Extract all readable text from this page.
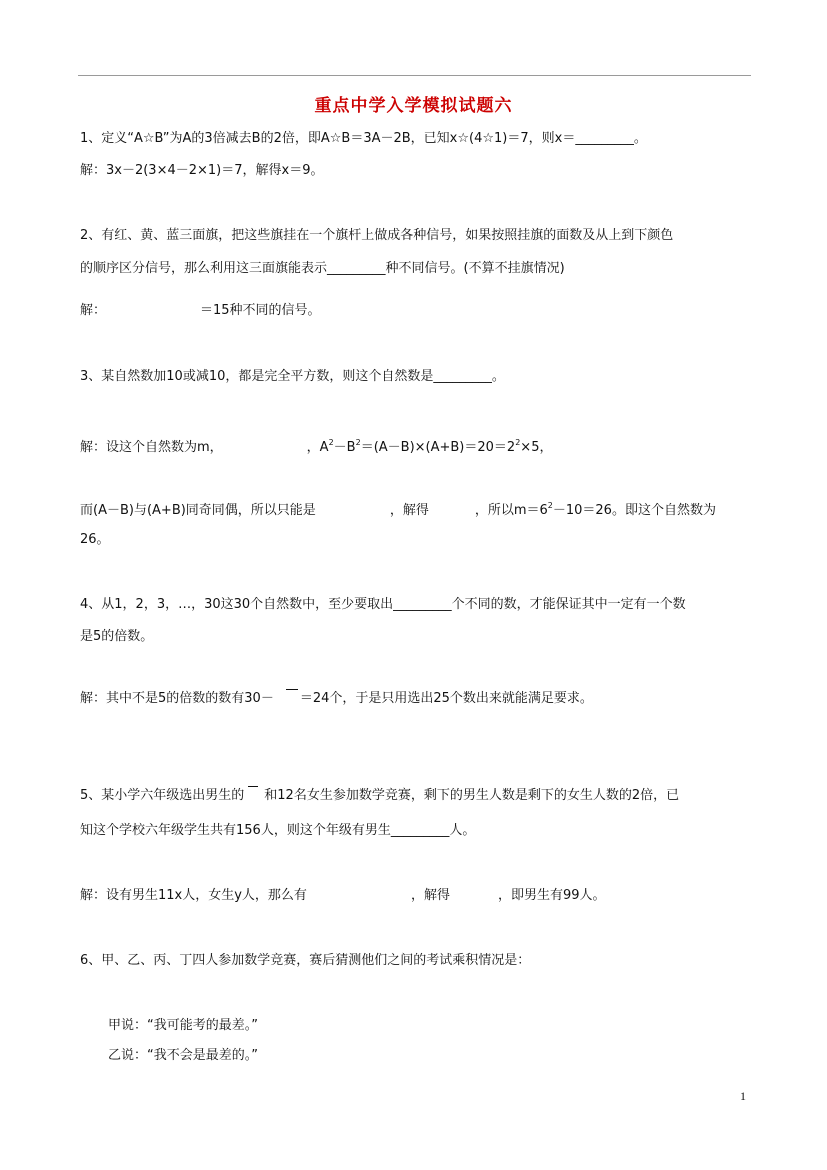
重点中学入学模拟试题六
1、定义“A☆B”为A的3倍减去B的2倍，即A☆B＝3A－2B，已知x☆(4☆1)＝7，则x＝_________。
解：3x－2(3×4－2×1)＝7，解得x＝9。
2、有红、黄、蓝三面旗，把这些旗挂在一个旗杆上做成各种信号，如果按照挂旗的面数及从上到下颜色
的顺序区分信号，那么利用这三面旗能表示_________种不同信号。(不算不挂旗情况)
解：	＝15种不同的信号。
3、某自然数加10或减10，都是完全平方数，则这个自然数是_________。
解：设这个自然数为m，	，$A^2-B^2=(A-B)\times(A+B)=20=2^2\times 5$，
而(A－B)与(A+B)同奇同偶，所以只能是	，解得	，所以$m=6^2-10=26$。即这个自然数为
26。
4、从1，2，3，…，30这30个自然数中，至少要取出_________个不同的数，才能保证其中一定有一个数
是5的倍数。
解：其中不是5的倍数的数有30－ ＝24个，于是只用选出25个数出来就能满足要求。
5、某小学六年级选出男生的 和12名女生参加数学竞赛，剩下的男生人数是剩下的女生人数的2倍，已
知这个学校六年级学生共有156人，则这个年级有男生_________人。
解：设有男生11x人，女生y人，那么有	，解得	，即男生有99人。
6、甲、乙、丙、丁四人参加数学竞赛，赛后猜测他们之间的考试乘积情况是：
甲说：“我可能考的最差。”
乙说：“我不会是最差的。”
1
